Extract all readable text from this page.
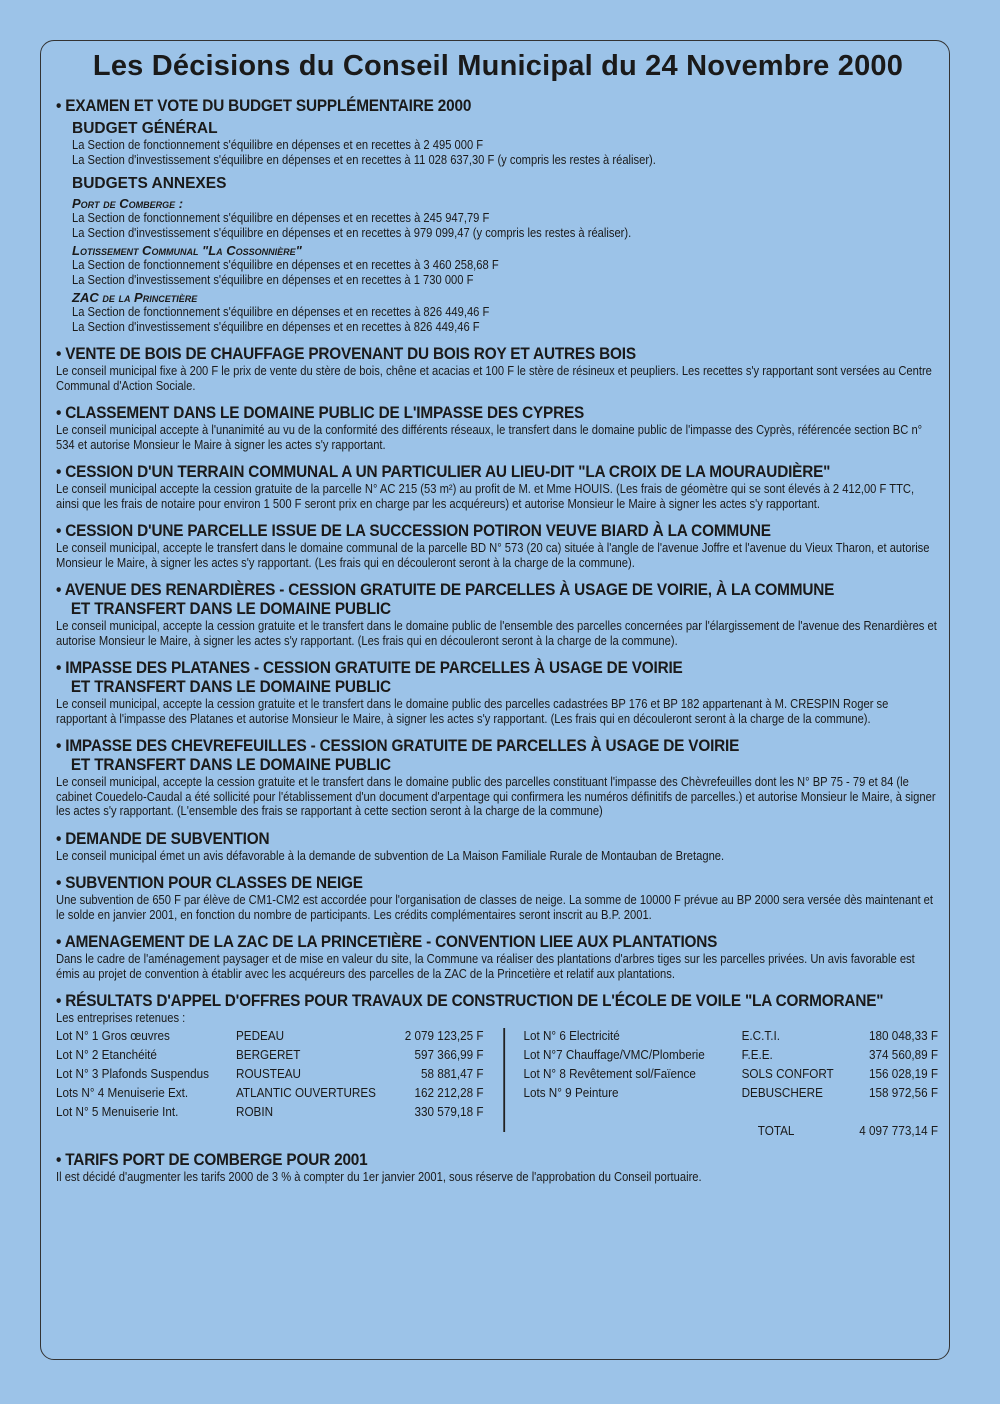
Les Décisions du Conseil Municipal du 24 Novembre 2000
• EXAMEN ET VOTE DU BUDGET SUPPLÉMENTAIRE 2000
BUDGET GÉNÉRAL
La Section de fonctionnement s'équilibre en dépenses et en recettes à 2 495 000 F
La Section d'investissement s'équilibre en dépenses et en recettes à 11 028 637,30 F (y compris les restes à réaliser).
BUDGETS ANNEXES
Port de Comberge :
La Section de fonctionnement s'équilibre en dépenses et en recettes à 245 947,79 F
La Section d'investissement s'équilibre en dépenses et en recettes à 979 099,47 (y compris les restes à réaliser).
Lotissement Communal "La Cossonnière"
La Section de fonctionnement s'équilibre en dépenses et en recettes à 3 460 258,68 F
La Section d'investissement s'équilibre en dépenses et en recettes à 1 730 000 F
ZAC de la Princetière
La Section de fonctionnement s'équilibre en dépenses et en recettes à 826 449,46 F
La Section d'investissement s'équilibre en dépenses et en recettes à 826 449,46 F
• VENTE DE BOIS DE CHAUFFAGE PROVENANT DU BOIS ROY ET AUTRES BOIS
Le conseil municipal fixe à 200 F le prix de vente du stère de bois, chêne et acacias et 100 F le stère de résineux et peupliers. Les recettes s'y rapportant sont versées au Centre Communal d'Action Sociale.
• CLASSEMENT DANS LE DOMAINE PUBLIC DE L'IMPASSE DES CYPRES
Le conseil municipal accepte à l'unanimité au vu de la conformité des différents réseaux, le transfert dans le domaine public de l'impasse des Cyprès, référencée section BC n° 534 et autorise Monsieur le Maire à signer les actes s'y rapportant.
• CESSION D'UN TERRAIN COMMUNAL A UN PARTICULIER AU LIEU-DIT "LA CROIX DE LA MOURAUDIÈRE"
Le conseil municipal accepte la cession gratuite de la parcelle N° AC 215 (53 m²) au profit de M. et Mme HOUIS. (Les frais de géomètre qui se sont élevés à 2 412,00 F TTC, ainsi que les frais de notaire pour environ 1 500 F seront prix en charge par les acquéreurs) et autorise Monsieur le Maire à signer les actes s'y rapportant.
• CESSION D'UNE PARCELLE ISSUE DE LA SUCCESSION POTIRON VEUVE BIARD À LA COMMUNE
Le conseil municipal, accepte le transfert dans le domaine communal de la parcelle BD N° 573 (20 ca) située à l'angle de l'avenue Joffre et l'avenue du Vieux Tharon, et autorise Monsieur le Maire, à signer les actes s'y rapportant. (Les frais qui en découleront seront à la charge de la commune).
• AVENUE DES RENARDIÈRES - CESSION GRATUITE DE PARCELLES À USAGE DE VOIRIE, À LA COMMUNE
ET TRANSFERT DANS LE DOMAINE PUBLIC
Le conseil municipal, accepte la cession gratuite et le transfert dans le domaine public de l'ensemble des parcelles concernées par l'élargissement de l'avenue des Renardières et autorise Monsieur le Maire, à signer les actes s'y rapportant. (Les frais qui en découleront seront à la charge de la commune).
• IMPASSE DES PLATANES - CESSION GRATUITE DE PARCELLES À USAGE DE VOIRIE
ET TRANSFERT DANS LE DOMAINE PUBLIC
Le conseil municipal, accepte la cession gratuite et le transfert dans le domaine public des parcelles cadastrées BP 176 et BP 182 appartenant à M. CRESPIN Roger se rapportant à l'impasse des Platanes et autorise Monsieur le Maire, à signer les actes s'y rapportant. (Les frais qui en découleront seront à la charge de la commune).
• IMPASSE DES CHEVREFEUILLES - CESSION GRATUITE DE PARCELLES À USAGE DE VOIRIE
ET TRANSFERT DANS LE DOMAINE PUBLIC
Le conseil municipal, accepte la cession gratuite et le transfert dans le domaine public des parcelles constituant l'impasse des Chèvrefeuilles dont les N° BP 75 - 79 et 84 (le cabinet Couedelo-Caudal a été sollicité pour l'établissement d'un document d'arpentage qui confirmera les numéros définitifs de parcelles.) et autorise Monsieur le Maire, à signer les actes s'y rapportant. (L'ensemble des frais se rapportant à cette section seront à la charge de la commune)
• DEMANDE DE SUBVENTION
Le conseil municipal émet un avis défavorable à la demande de subvention de La Maison Familiale Rurale de Montauban de Bretagne.
• SUBVENTION POUR CLASSES DE NEIGE
Une subvention de 650 F par élève de CM1-CM2 est accordée pour l'organisation de classes de neige. La somme de 10000 F prévue au BP 2000 sera versée dès maintenant et le solde en janvier 2001, en fonction du nombre de participants. Les crédits complémentaires seront inscrit au B.P. 2001.
• AMENAGEMENT DE LA ZAC DE LA PRINCETIÈRE - CONVENTION LIEE AUX PLANTATIONS
Dans le cadre de l'aménagement paysager et de mise en valeur du site, la Commune va réaliser des plantations d'arbres tiges sur les parcelles privées. Un avis favorable est émis au projet de convention à établir avec les acquéreurs des parcelles de la ZAC de la Princetière et relatif aux plantations.
• RÉSULTATS D'APPEL D'OFFRES POUR TRAVAUX DE CONSTRUCTION DE L'ÉCOLE DE VOILE "LA CORMORANE"
Les entreprises retenues :
Lot N° 1 Gros œuvres	PEDEAU	2 079 123,25 F
Lot N° 2 Etanchéité	BERGERET	597 366,99 F
Lot N° 3 Plafonds Suspendus	ROUSTEAU	58 881,47 F
Lots N° 4 Menuiserie Ext.	ATLANTIC OUVERTURES	162 212,28 F
Lot N° 5 Menuiserie Int.	ROBIN	330 579,18 F
Lot N° 6 Electricité	E.C.T.I.	180 048,33 F
Lot N°7 Chauffage/VMC/Plomberie	F.E.E.	374 560,89 F
Lot N° 8 Revêtement sol/Faïence	SOLS CONFORT	156 028,19 F
Lots N° 9 Peinture	DEBUSCHERE	158 972,56 F

	TOTAL	4 097 773,14 F
• TARIFS PORT DE COMBERGE POUR 2001
Il est décidé d'augmenter les tarifs 2000 de 3 % à compter du 1er janvier 2001, sous réserve de l'approbation du Conseil portuaire.
